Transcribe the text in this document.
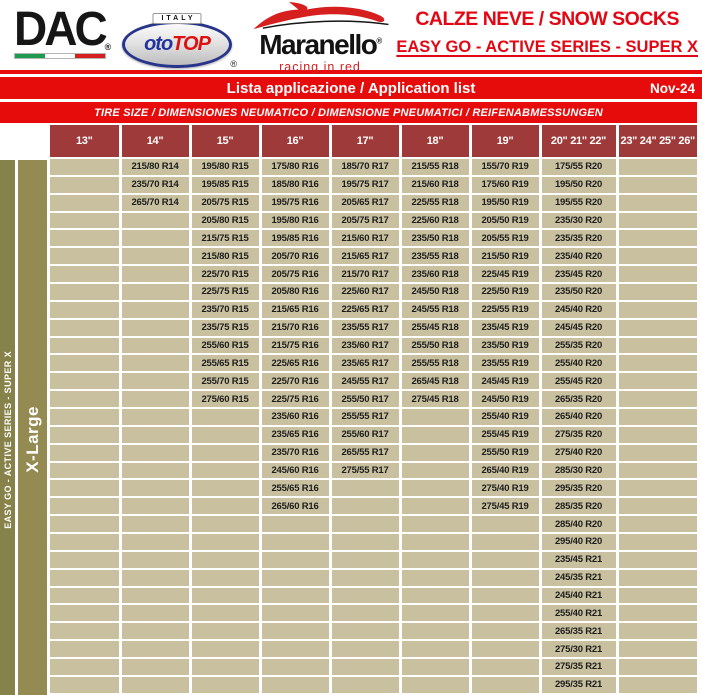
DAC®
ITALY
oto TOP
®
Maranello®
racing in red
CALZE NEVE / SNOW SOCKS
EASY GO - ACTIVE SERIES - SUPER X
Lista applicazione / Application list	Nov-24
TIRE SIZE / DIMENSIONES NEUMATICO / DIMENSIONE PNEUMATICI / REIFENABMESSUNGEN
EASY GO - ACTIVE SERIES - SUPER X X-Large
13"	14"	15"	16"	17"	18"	19"	20" 21" 22"	23" 24" 25" 26"
	215/80 R14	195/80 R15	175/80 R16	185/70 R17	215/55 R18	155/70 R19	175/55 R20	
	235/70 R14	195/85 R15	185/80 R16	195/75 R17	215/60 R18	175/60 R19	195/50 R20	
	265/70 R14	205/75 R15	195/75 R16	205/65 R17	225/55 R18	195/50 R19	195/55 R20	
		205/80 R15	195/80 R16	205/75 R17	225/60 R18	205/50 R19	235/30 R20	
		215/75 R15	195/85 R16	215/60 R17	235/50 R18	205/55 R19	235/35 R20	
		215/80 R15	205/70 R16	215/65 R17	235/55 R18	215/50 R19	235/40 R20	
		225/70 R15	205/75 R16	215/70 R17	235/60 R18	225/45 R19	235/45 R20	
		225/75 R15	205/80 R16	225/60 R17	245/50 R18	225/50 R19	235/50 R20	
		235/70 R15	215/65 R16	225/65 R17	245/55 R18	225/55 R19	245/40 R20	
		235/75 R15	215/70 R16	235/55 R17	255/45 R18	235/45 R19	245/45 R20	
		255/60 R15	215/75 R16	235/60 R17	255/50 R18	235/50 R19	255/35 R20	
		255/65 R15	225/65 R16	235/65 R17	255/55 R18	235/55 R19	255/40 R20	
		255/70 R15	225/70 R16	245/55 R17	265/45 R18	245/45 R19	255/45 R20	
		275/60 R15	225/75 R16	255/50 R17	275/45 R18	245/50 R19	265/35 R20	
			235/60 R16	255/55 R17		255/40 R19	265/40 R20	
			235/65 R16	255/60 R17		255/45 R19	275/35 R20	
			235/70 R16	265/55 R17		255/50 R19	275/40 R20	
			245/60 R16	275/55 R17		265/40 R19	285/30 R20	
			255/65 R16			275/40 R19	295/35 R20	
			265/60 R16			275/45 R19	285/35 R20	
							285/40 R20	
							295/40 R20	
							235/45 R21	
							245/35 R21	
							245/40 R21	
							255/40 R21	
							265/35 R21	
							275/30 R21	
							275/35 R21	
							295/35 R21	
